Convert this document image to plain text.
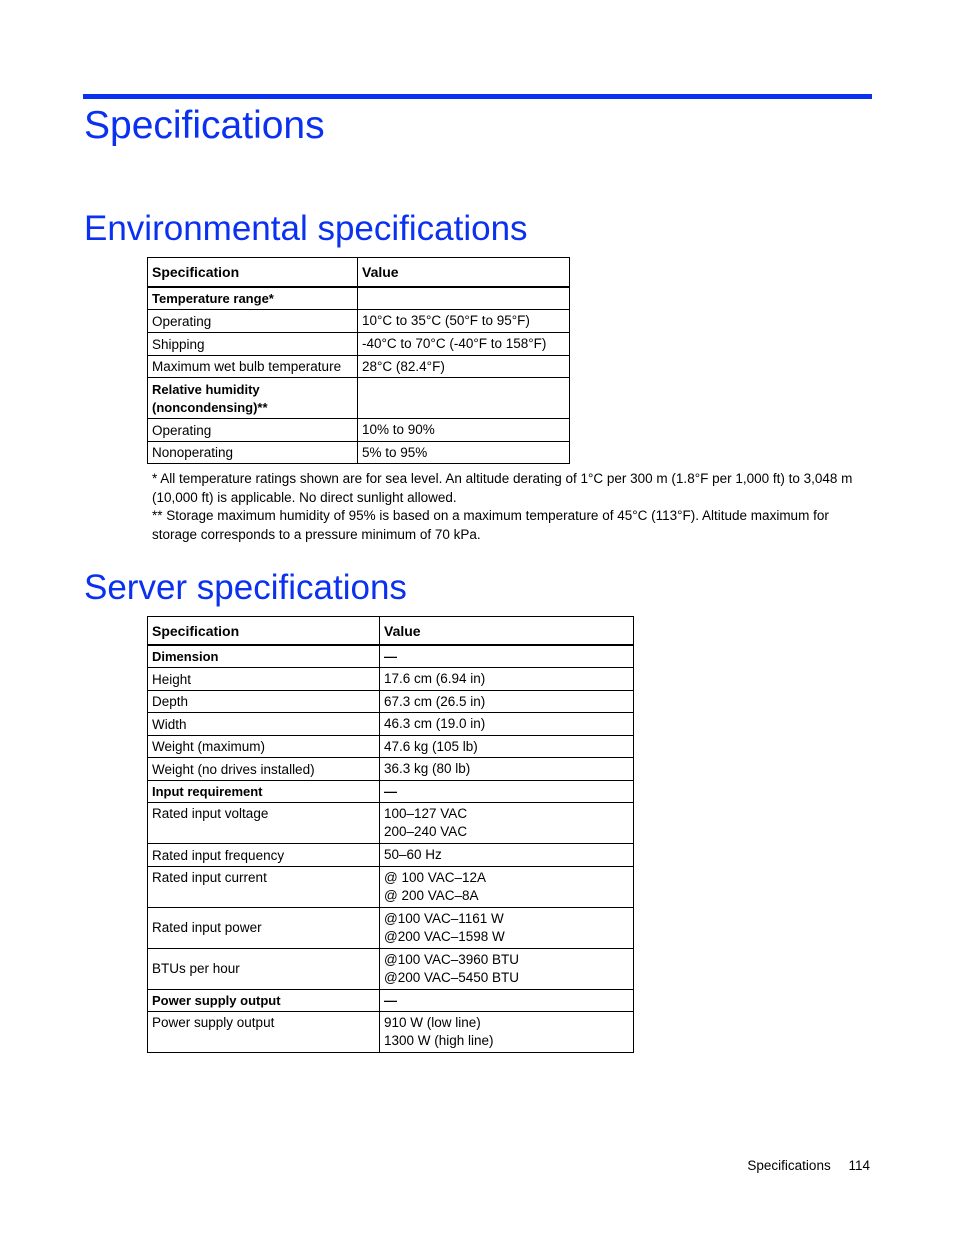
Specifications
Environmental specifications
Specification	Value
Temperature range*	
Operating	10°C to 35°C (50°F to 95°F)
Shipping	-40°C to 70°C (-40°F to 158°F)
Maximum wet bulb temperature	28°C (82.4°F)
Relative humidity (noncondensing)**	
Operating	10% to 90%
Nonoperating	5% to 95%

* All temperature ratings shown are for sea level. An altitude derating of 1°C per 300 m (1.8°F per 1,000 ft) to 3,048 m (10,000 ft) is applicable. No direct sunlight allowed.

** Storage maximum humidity of 95% is based on a maximum temperature of 45°C (113°F). Altitude maximum for storage corresponds to a pressure minimum of 70 kPa.

Server specifications
Specification	Value
Dimension	—

Height	17.6 cm (6.94 in)

Depth	67.3 cm (26.5 in)

Width	46.3 cm (19.0 in)

Weight (maximum)	47.6 kg (105 lb)

Weight (no drives installed)	36.3 kg (80 lb)

Input requirement	—

Rated input voltage	100–127 VAC
200–240 VAC

Rated input frequency	50–60 Hz

Rated input current	@ 100 VAC–12A
@ 200 VAC–8A

Rated input power	@100 VAC–1161 W
@200 VAC–1598 W

BTUs per hour	@100 VAC–3960 BTU
@200 VAC–5450 BTU

Power supply output	—

Power supply output	910 W (low line)
1300 W (high line)
Specifications 114
